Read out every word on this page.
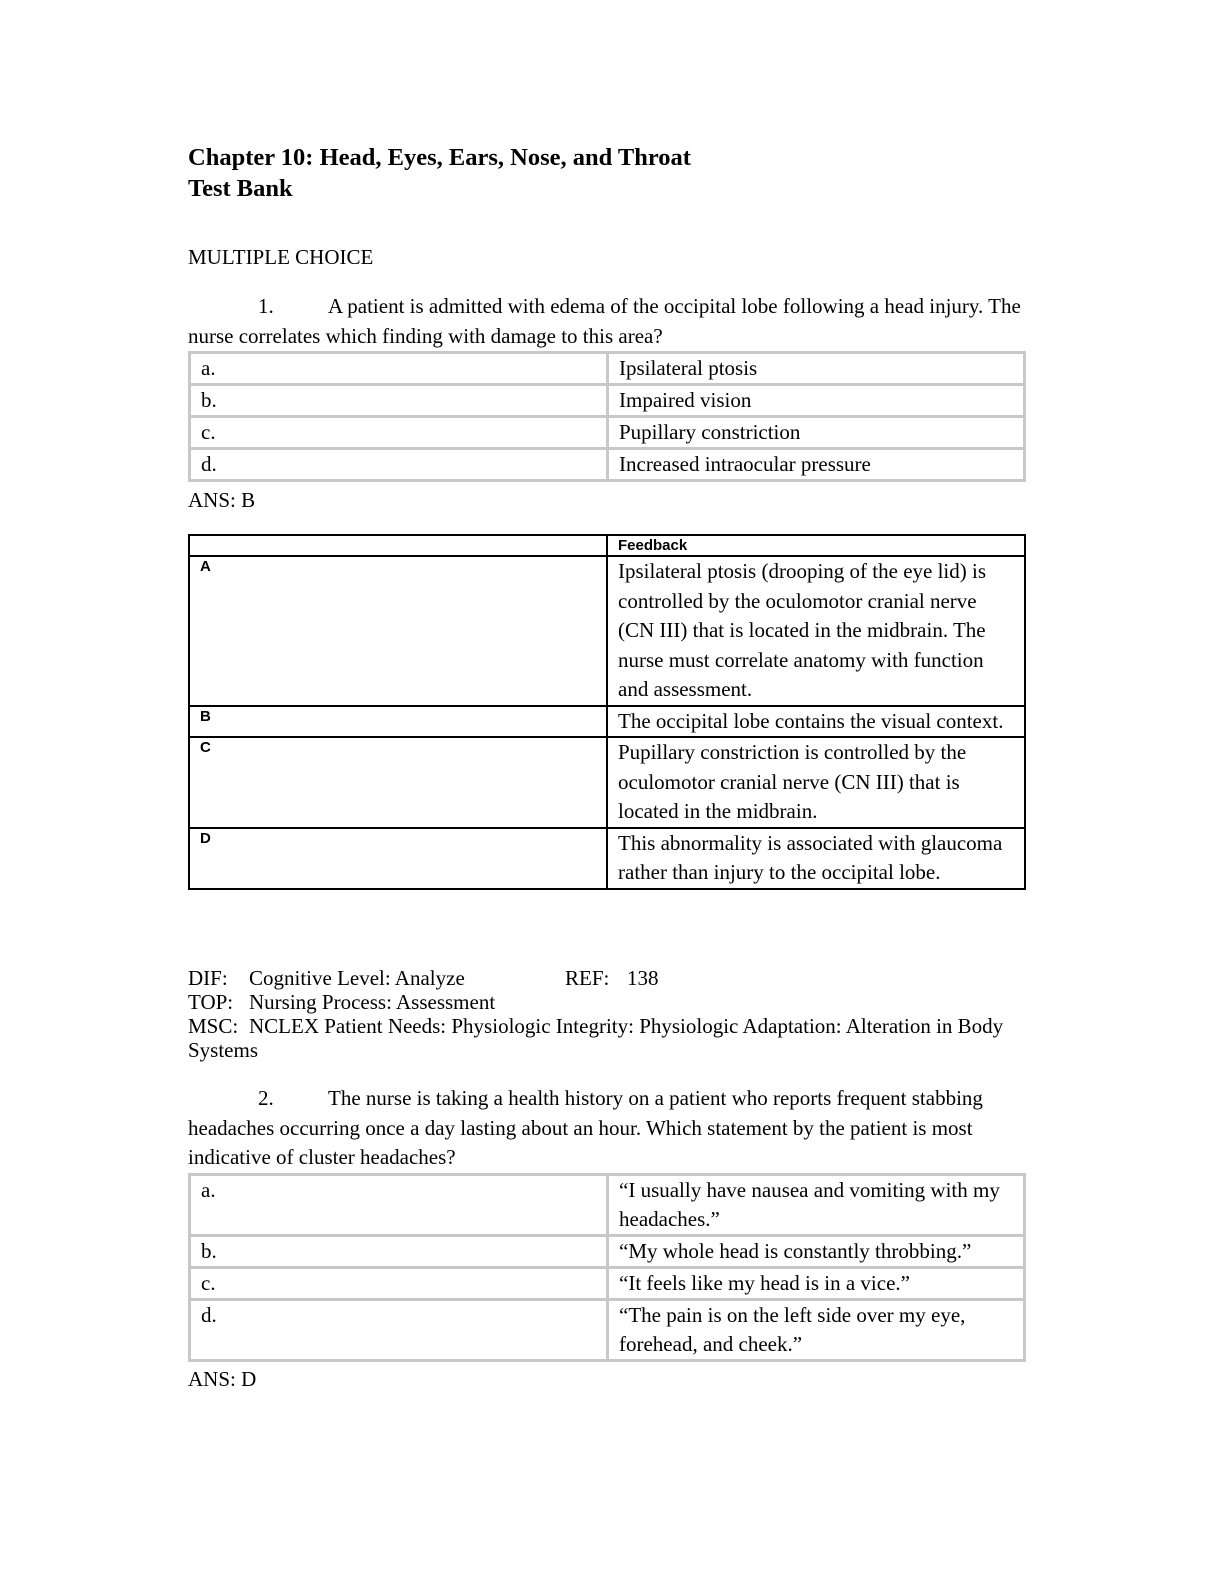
Chapter 10: Head, Eyes, Ears, Nose, and Throat
Test Bank
MULTIPLE CHOICE
1.	A patient is admitted with edema of the occipital lobe following a head injury. The nurse correlates which finding with damage to this area?
a.	Ipsilateral ptosis
b.	Impaired vision
c.	Pupillary constriction
d.	Increased intraocular pressure
ANS: B
	Feedback
A	Ipsilateral ptosis (drooping of the eye lid) is controlled by the oculomotor cranial nerve (CN III) that is located in the midbrain. The nurse must correlate anatomy with function and assessment.
B	The occipital lobe contains the visual context.
C	Pupillary constriction is controlled by the oculomotor cranial nerve (CN III) that is located in the midbrain.
D	This abnormality is associated with glaucoma rather than injury to the occipital lobe.
DIF: Cognitive Level: Analyze	REF: 138
TOP: Nursing Process: Assessment
MSC: NCLEX Patient Needs: Physiologic Integrity: Physiologic Adaptation: Alteration in Body Systems
2.	The nurse is taking a health history on a patient who reports frequent stabbing headaches occurring once a day lasting about an hour. Which statement by the patient is most indicative of cluster headaches?
a.	“I usually have nausea and vomiting with my headaches.”
b.	“My whole head is constantly throbbing.”
c.	“It feels like my head is in a vice.”
d.	“The pain is on the left side over my eye, forehead, and cheek.”
ANS: D
